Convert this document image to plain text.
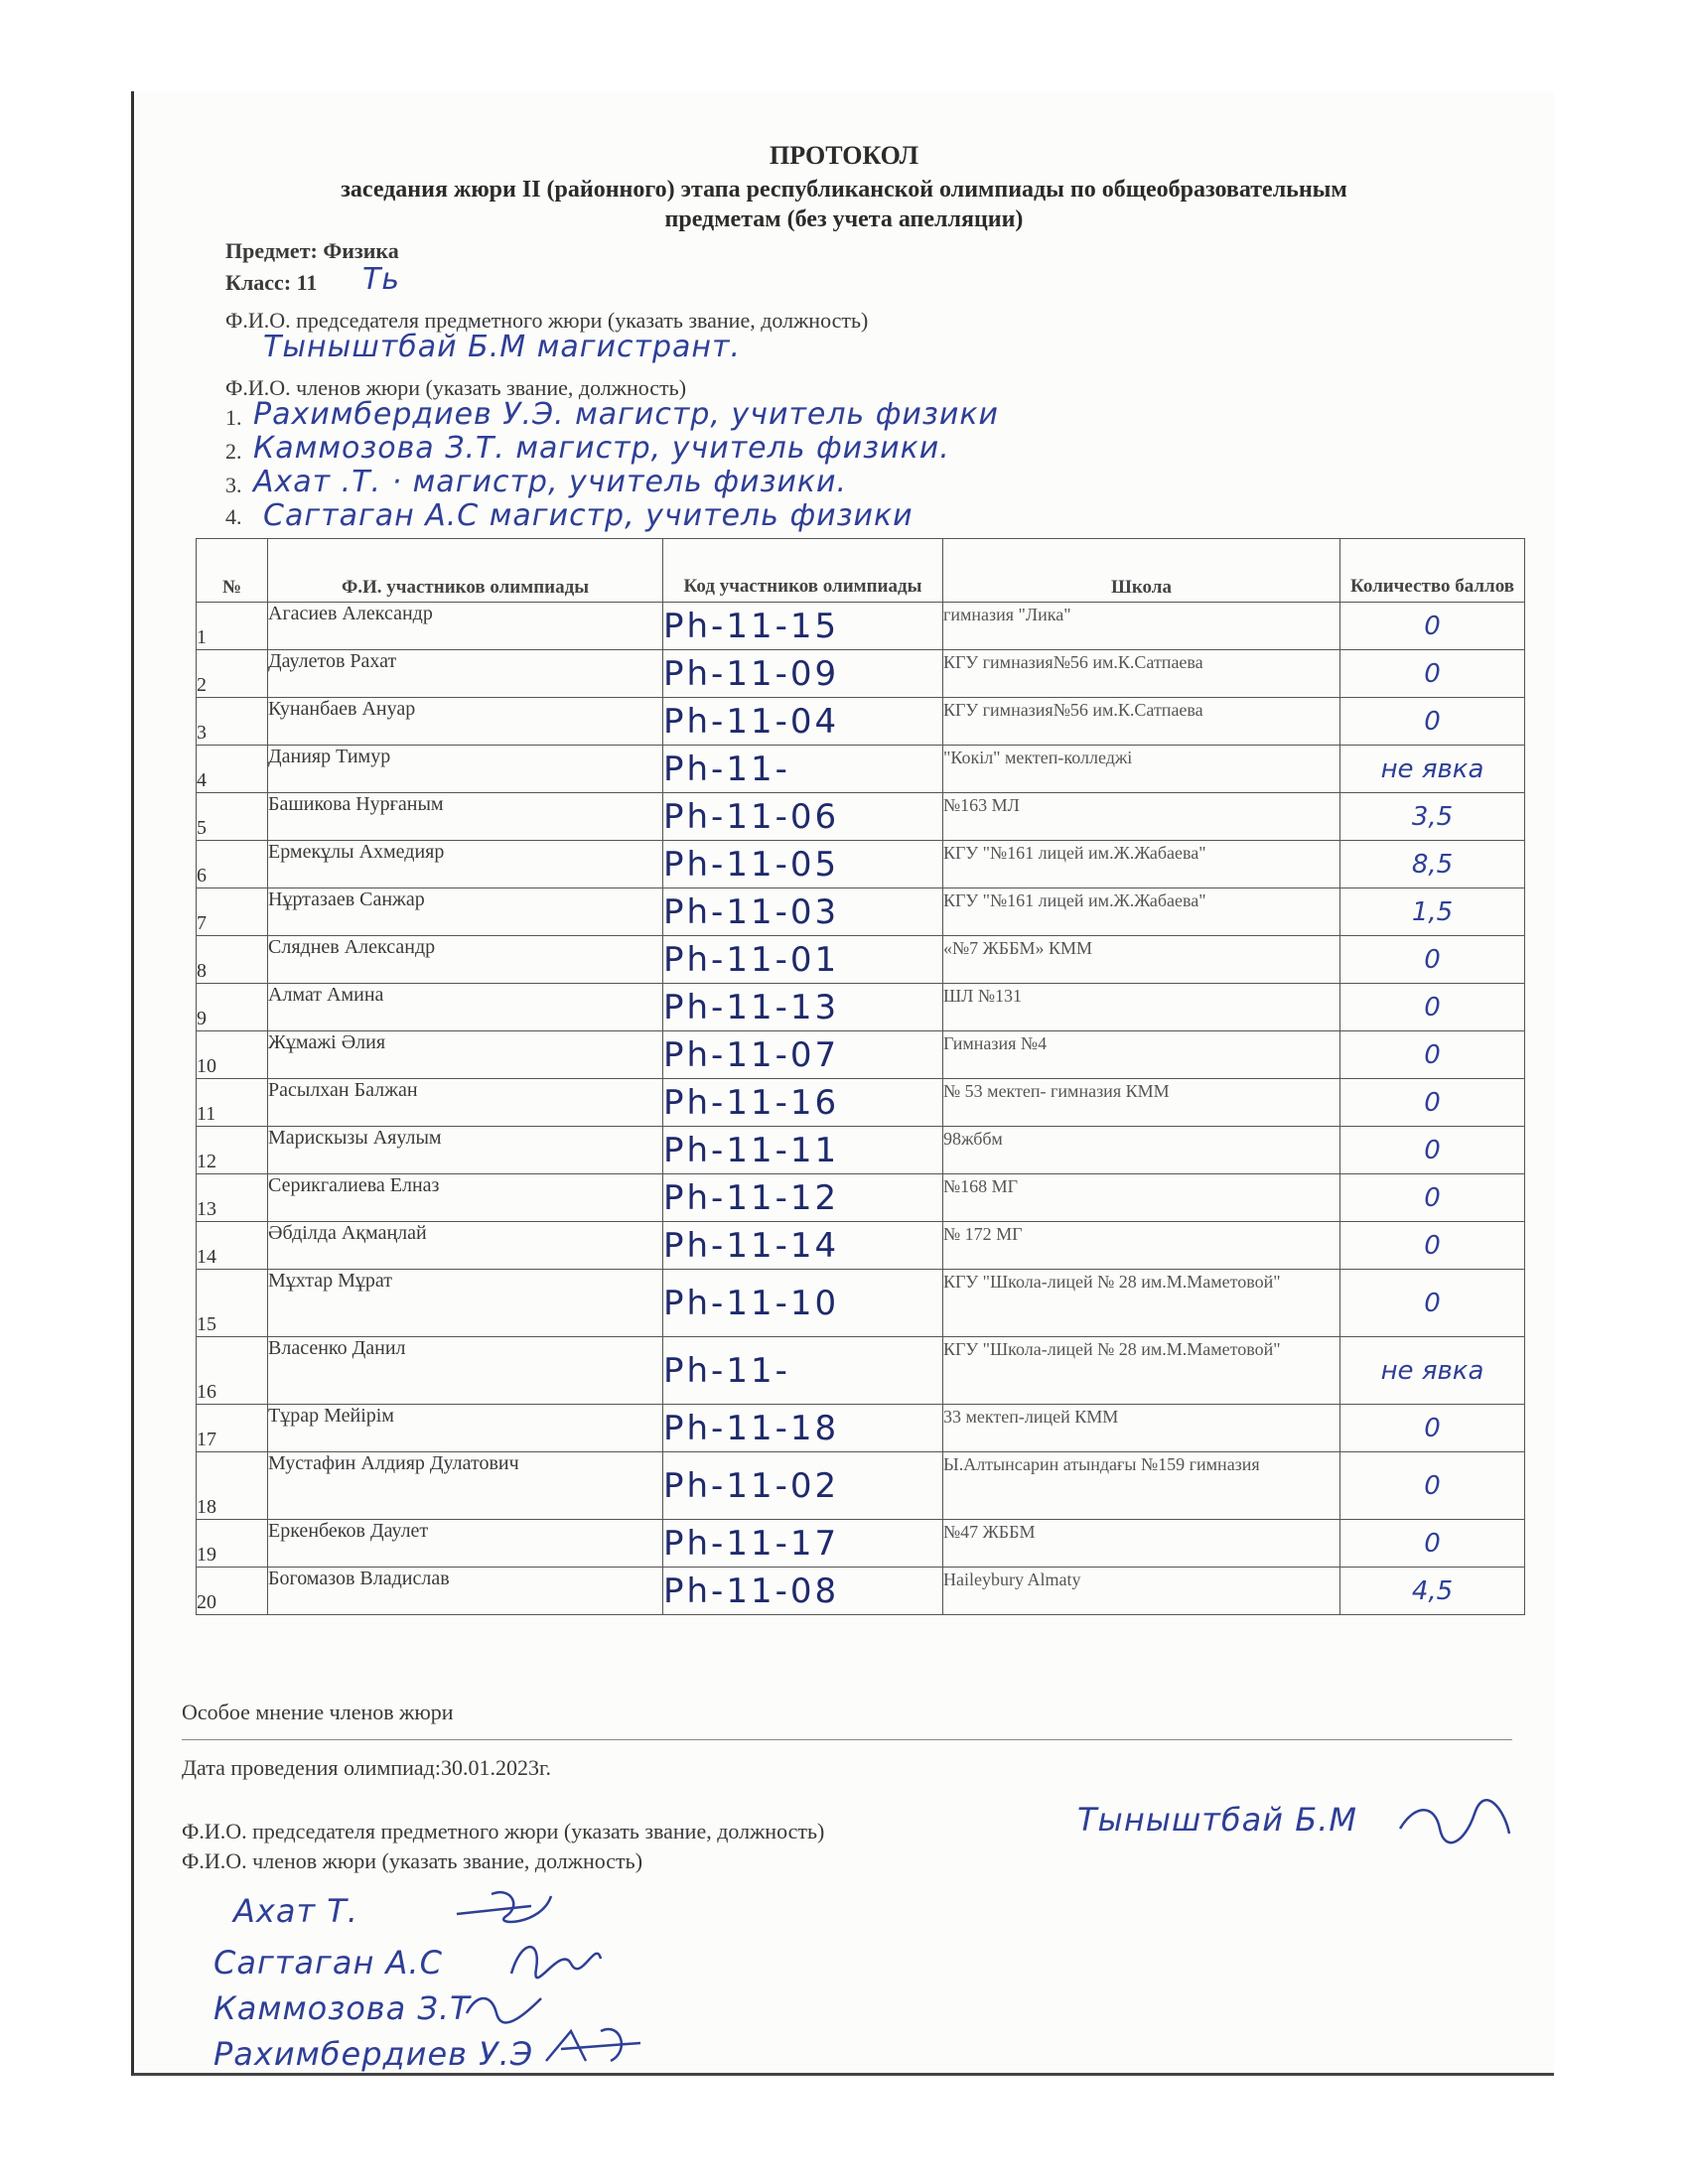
ПРОТОКОЛ
заседания жюри II (районного) этапа республиканской олимпиады по общеобразовательным
предметам (без учета апелляции)
Предмет: Физика
Класс: 11 Ть
Ф.И.О. председателя предметного жюри (указать звание, должность)
Тыныштбай Б.М магистрант.
Ф.И.О. членов жюри (указать звание, должность)
1. Рахимбердиев У.Э. магистр, учитель физики
2. Каммозова З.Т. магистр, учитель физики.
3. Ахат .Т. · магистр, учитель физики.
4. Сагтаган А.С магистр, учитель физики
№	Ф.И. участников олимпиады	Код участников олимпиады	Школа	Количество баллов
1	Агасиев Александр	Ph-11-15	гимназия "Лика"	0
2	Даулетов Рахат	Ph-11-09	КГУ гимназия№56 им.К.Сатпаева	0
3	Кунанбаев Ануар	Ph-11-04	КГУ гимназия№56 им.К.Сатпаева	0
4	Данияр Тимур	Ph-11-	"Кокіл" мектеп-колледжі	не явка
5	Башикова Нурғаным	Ph-11-06	№163 МЛ	3,5
6	Ермекұлы Ахмедияр	Ph-11-05	КГУ "№161 лицей им.Ж.Жабаева"	8,5
7	Нұртазаев Санжар	Ph-11-03	КГУ "№161 лицей им.Ж.Жабаева"	1,5
8	Сляднев Александр	Ph-11-01	«№7 ЖББМ» КММ	0
9	Алмат Амина	Ph-11-13	ШЛ №131	0
10	Жұмажі Әлия	Ph-11-07	Гимназия №4	0
11	Расылхан Балжан	Ph-11-16	№ 53 мектеп- гимназия КММ	0
12	Марискызы Аяулым	Ph-11-11	98жббм	0
13	Серикгалиева Елназ	Ph-11-12	№168 МГ	0
14	Әбділда Ақмаңлай	Ph-11-14	№ 172 МГ	0
15	Мұхтар Мұрат	Ph-11-10	КГУ "Школа-лицей № 28 им.М.Маметовой"	0
16	Власенко Данил	Ph-11-	КГУ "Школа-лицей № 28 им.М.Маметовой"	не явка
17	Тұрар Мейірім	Ph-11-18	33 мектеп-лицей КММ	0
18	Мустафин Алдияр Дулатович	Ph-11-02	Ы.Алтынсарин атындағы №159 гимназия	0
19	Еркенбеков Даулет	Ph-11-17	№47 ЖББМ	0
20	Богомазов Владислав	Ph-11-08	Haileybury Almaty	4,5
Особое мнение членов жюри
Дата проведения олимпиад:30.01.2023г.
Ф.И.О. председателя предметного жюри (указать звание, должность)	Тыныштбай Б.М
Ф.И.О. членов жюри (указать звание, должность)
Ахат Т.
Сагтаган А.С
Каммозова З.Т
Рахимбердиев У.Э
